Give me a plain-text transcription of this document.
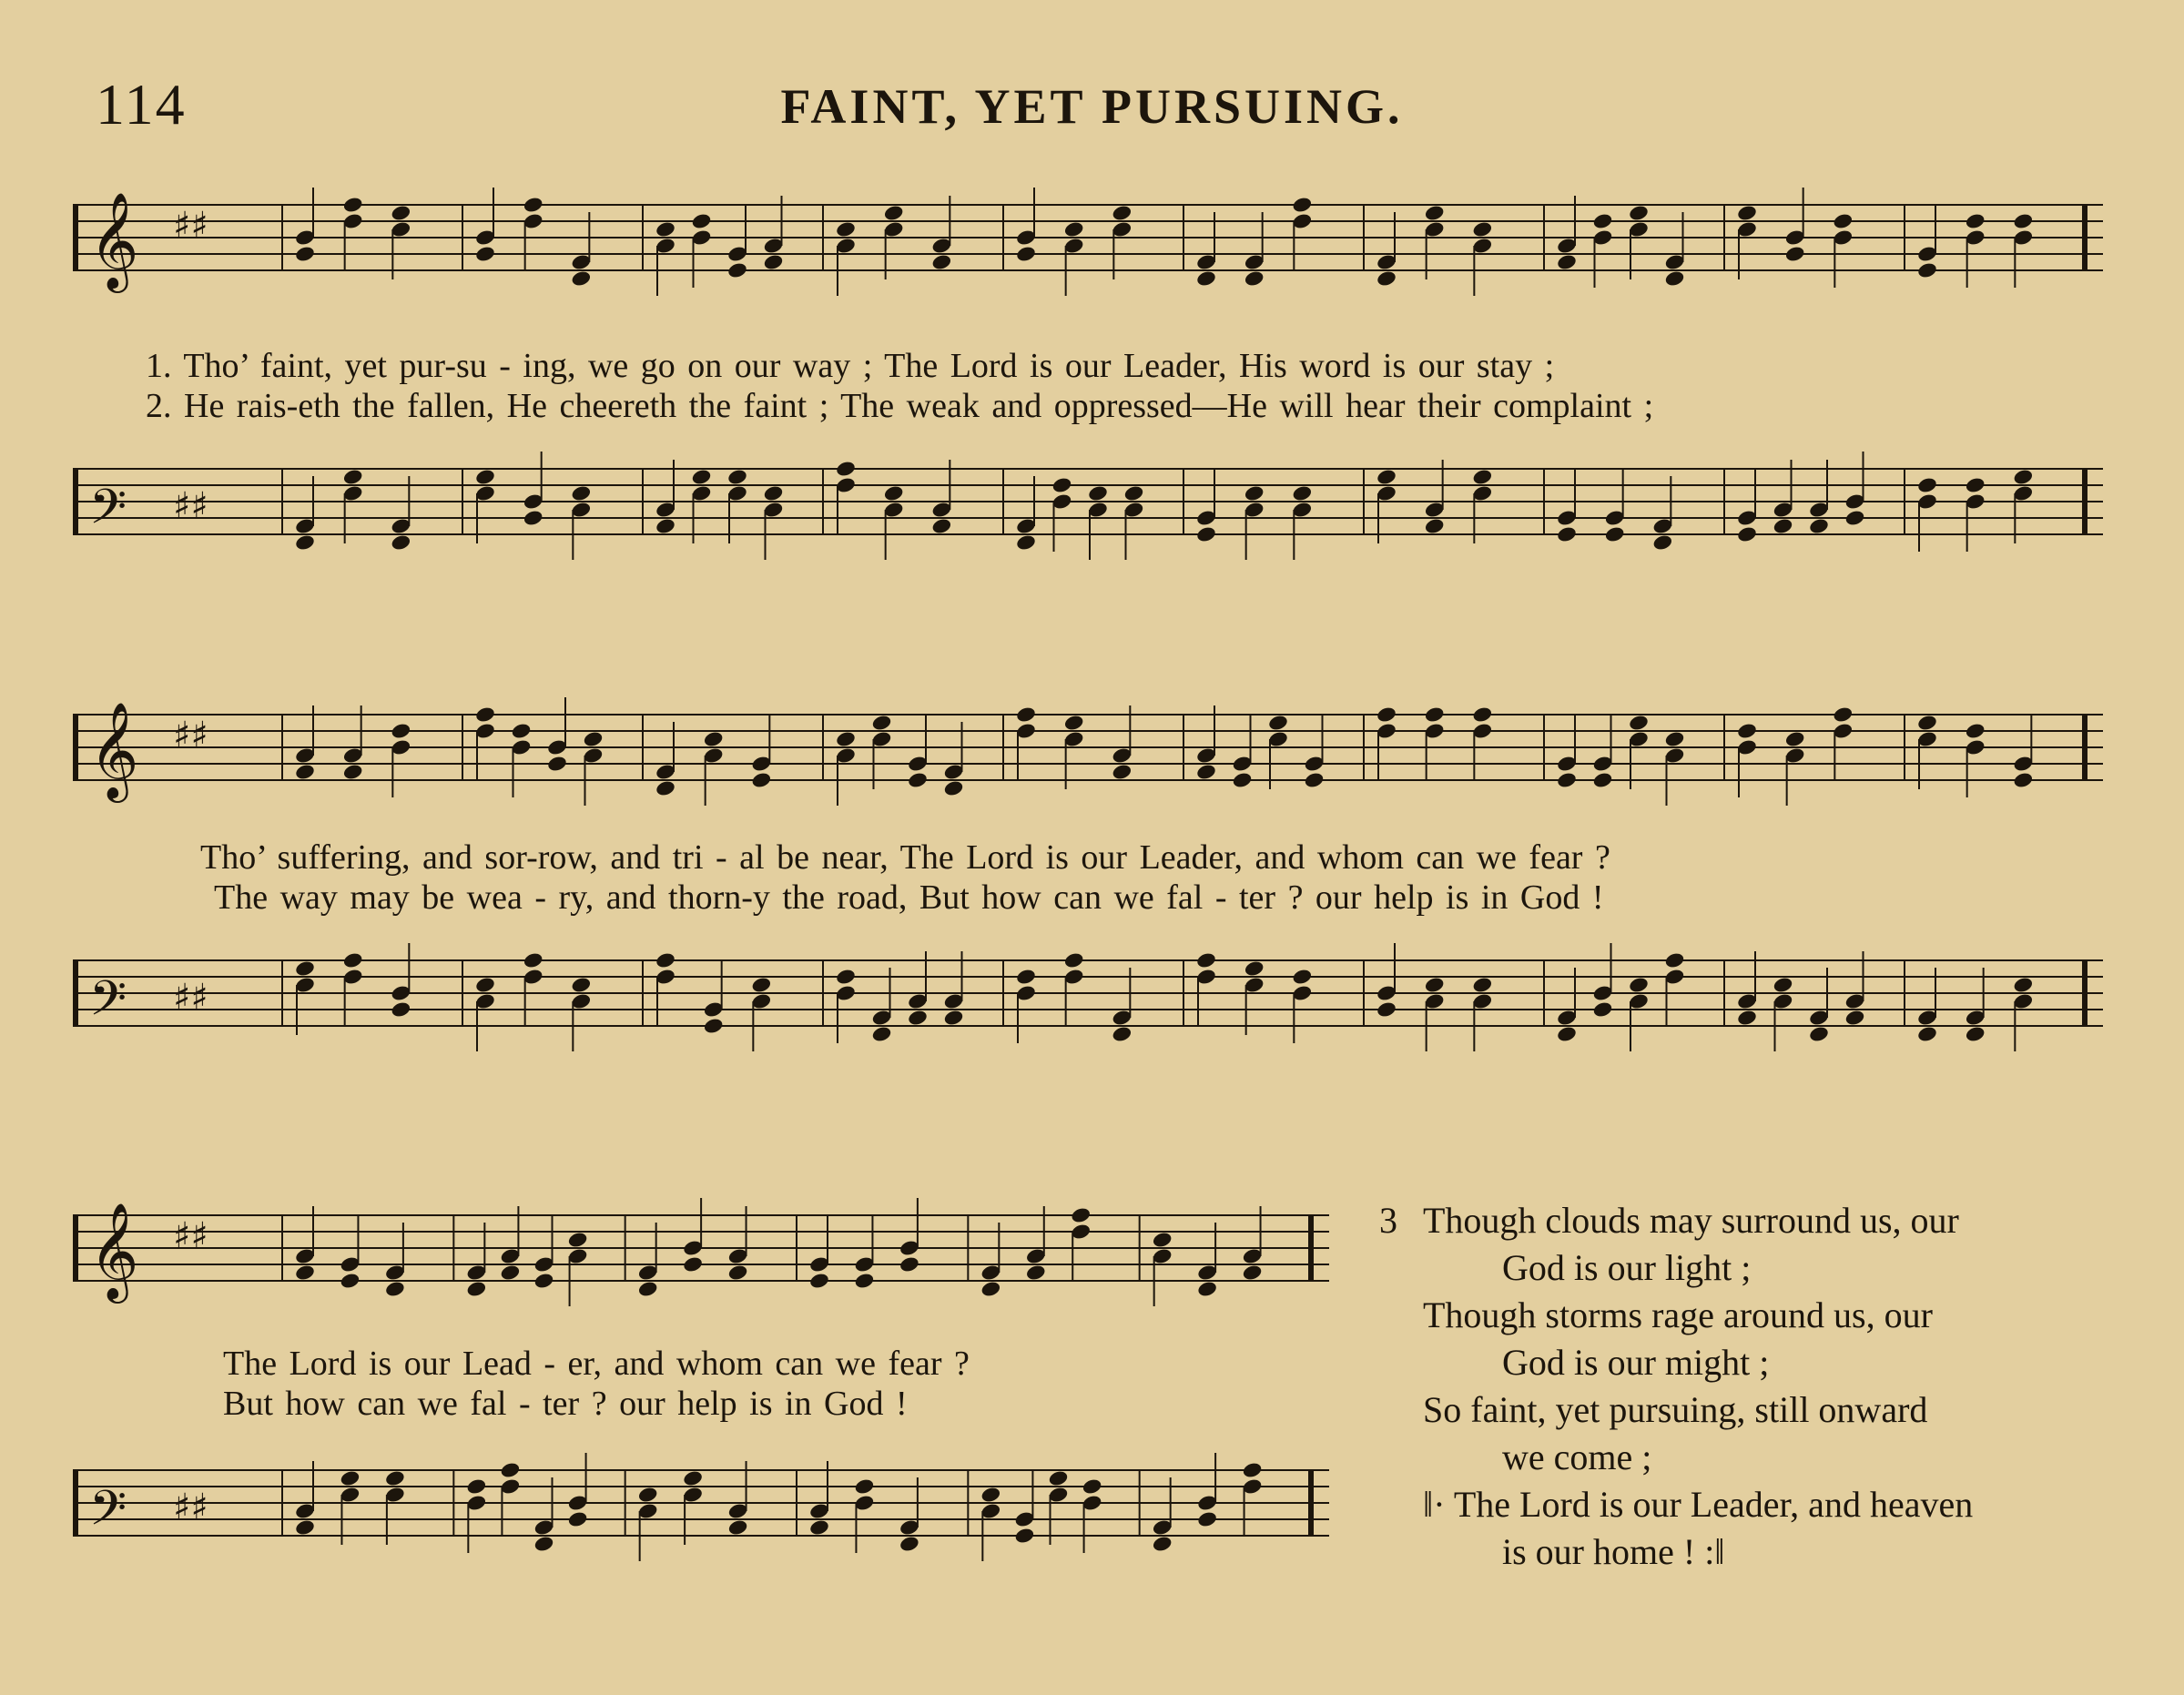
114	FAINT, YET PURSUING.
𝄞 ♯♯
1. Tho’ faint, yet pur-su - ing, we go on our way ; The Lord is our Leader, His word is our stay ;
2. He rais-eth the fallen, He cheereth the faint ; The weak and oppressed—He will hear their complaint ;
𝄢 ♯♯
𝄞 ♯♯
Tho’ suffering, and sor-row, and tri - al be near, The Lord is our Leader, and whom can we fear ?
The way may be wea - ry, and thorn-y the road, But how can we fal - ter ? our help is in God !
𝄢 ♯♯
𝄞 ♯♯
The Lord is our Lead - er, and whom can we fear ?
But how can we fal - ter ? our help is in God !
𝄢 ♯♯
3 Though clouds may surround us, our
God is our light ;
Though storms rage around us, our
God is our might ;
So faint, yet pursuing, still onward
we come ;
‖· The Lord is our Leader, and heaven
is our home ! :‖
